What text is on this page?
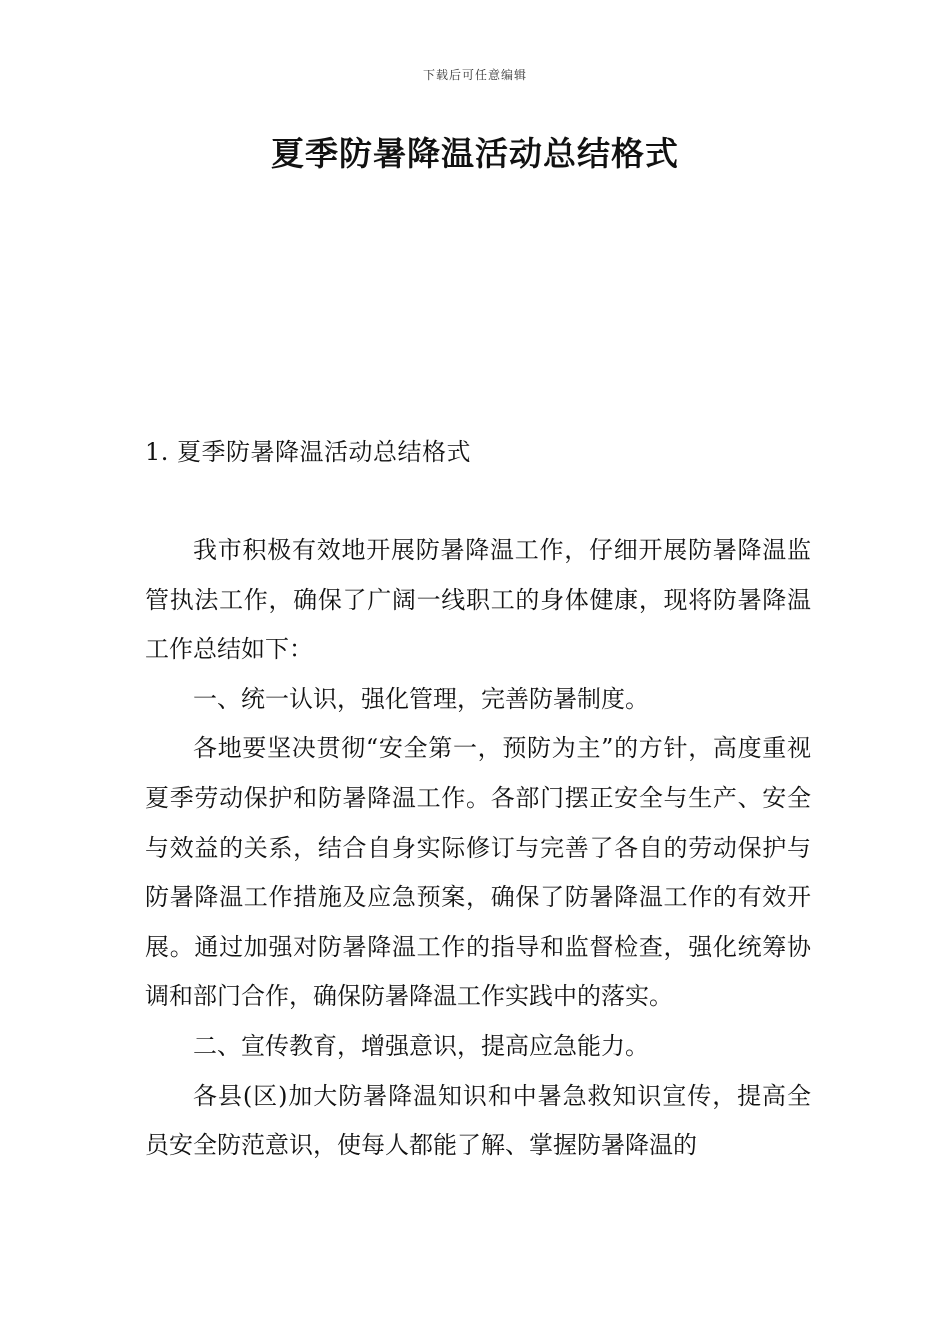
下载后可任意编辑
夏季防暑降温活动总结格式
1. 夏季防暑降温活动总结格式

我市积极有效地开展防暑降温工作，仔细开展防暑降温监管执法工作，确保了广阔一线职工的身体健康，现将防暑降温工作总结如下：

一、统一认识，强化管理，完善防暑制度。

各地要坚决贯彻“安全第一，预防为主”的方针，高度重视夏季劳动保护和防暑降温工作。各部门摆正安全与生产、安全与效益的关系，结合自身实际修订与完善了各自的劳动保护与防暑降温工作措施及应急预案，确保了防暑降温工作的有效开展。通过加强对防暑降温工作的指导和监督检查，强化统筹协调和部门合作，确保防暑降温工作实践中的落实。

二、宣传教育，增强意识，提高应急能力。

各县(区)加大防暑降温知识和中暑急救知识宣传，提高全员安全防范意识，使每人都能了解、掌握防暑降温的
